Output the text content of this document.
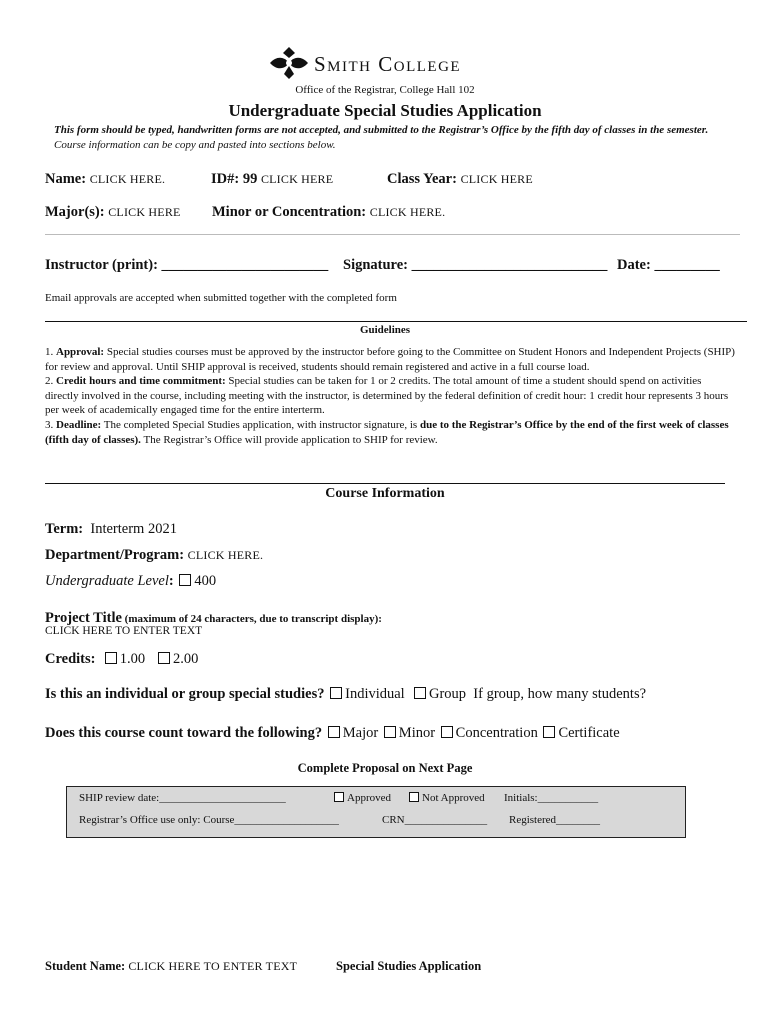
Smith College
Office of the Registrar, College Hall 102
Undergraduate Special Studies Application
This form should be typed, handwritten forms are not accepted, and submitted to the Registrar’s Office by the fifth day of classes in the semester. Course information can be copy and pasted into sections below.
Name: CLICK HERE.	ID#: 99 CLICK HERE	Class Year: CLICK HERE
Major(s): CLICK HERE Minor or Concentration: CLICK HERE.
Instructor (print): _______________________ Signature: ___________________________ Date: _________
Email approvals are accepted when submitted together with the completed form
Guidelines

1. Approval: Special studies courses must be approved by the instructor before going to the Committee on Student Honors and Independent Projects (SHIP) for review and approval. Until SHIP approval is received, students should remain registered and active in a full course load.

2. Credit hours and time commitment: Special studies can be taken for 1 or 2 credits. The total amount of time a student should spend on activities directly involved in the course, including meeting with the instructor, is determined by the federal definition of credit hour: 1 credit hour represents 3 hours per week of academically engaged time for the entire interterm.

3. Deadline: The completed Special Studies application, with instructor signature, is due to the Registrar’s Office by the end of the first week of classes (fifth day of classes). The Registrar’s Office will provide application to SHIP for review.

Course Information
Term: Interterm 2021
Department/Program: CLICK HERE.
Undergraduate Level: 400
Project Title (maximum of 24 characters, due to transcript display):
CLICK HERE TO ENTER TEXT
Credits: 1.00 2.00
Is this an individual or group special studies? Individual Group If group, how many students?
Does this course count toward the following? Major Minor Concentration Certificate
Complete Proposal on Next Page
SHIP review date:_______________________	Approved	Not Approved Initials:___________
Registrar’s Office use only: Course___________________	CRN_______________ Registered________
Student Name: CLICK HERE TO ENTER TEXT	Special Studies Application
